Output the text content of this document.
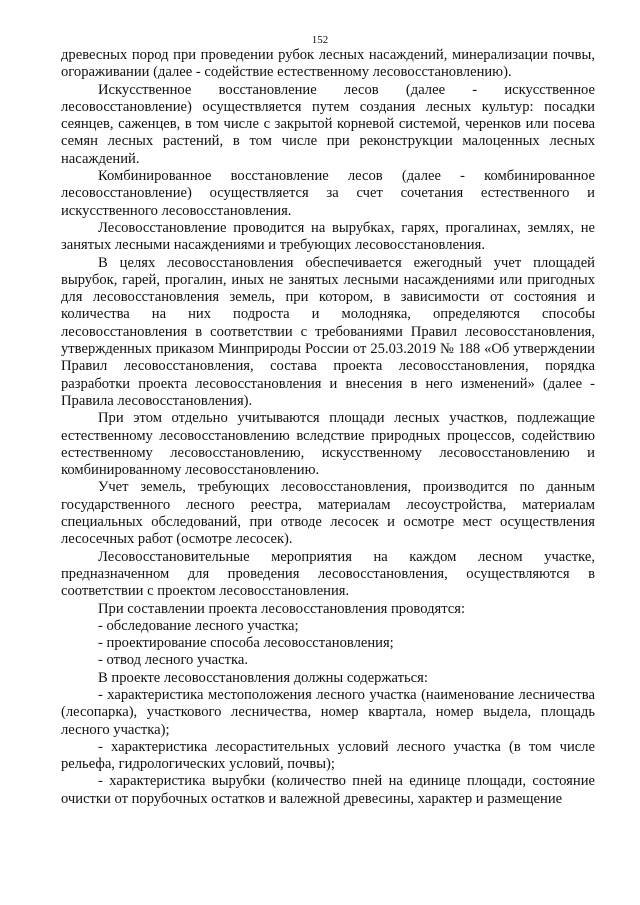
152

древесных пород при проведении рубок лесных насаждений, минерализации почвы, огораживании (далее - содействие естественному лесовосстановлению).

Искусственное восстановление лесов (далее - искусственное лесовосстановление) осуществляется путем создания лесных культур: посадки сеянцев, саженцев, в том числе с закрытой корневой системой, черенков или посева семян лесных растений, в том числе при реконструкции малоценных лесных насаждений.

Комбинированное восстановление лесов (далее - комбинированное лесовосстановление) осуществляется за счет сочетания естественного и искусственного лесовосстановления.

Лесовосстановление проводится на вырубках, гарях, прогалинах, землях, не занятых лесными насаждениями и требующих лесовосстановления.

В целях лесовосстановления обеспечивается ежегодный учет площадей вырубок, гарей, прогалин, иных не занятых лесными насаждениями или пригодных для лесовосстановления земель, при котором, в зависимости от состояния и количества на них подроста и молодняка, определяются способы лесовосстановления в соответствии с требованиями Правил лесовосстановления, утвержденных приказом Минприроды России от 25.03.2019 № 188 «Об утверждении Правил лесовосстановления, состава проекта лесовосстановления, порядка разработки проекта лесовосстановления и внесения в него изменений» (далее - Правила лесовосстановления).

При этом отдельно учитываются площади лесных участков, подлежащие естественному лесовосстановлению вследствие природных процессов, содействию естественному лесовосстановлению, искусственному лесовосстановлению и комбинированному лесовосстановлению.

Учет земель, требующих лесовосстановления, производится по данным государственного лесного реестра, материалам лесоустройства, материалам специальных обследований, при отводе лесосек и осмотре мест осуществления лесосечных работ (осмотре лесосек).

Лесовосстановительные мероприятия на каждом лесном участке, предназначенном для проведения лесовосстановления, осуществляются в соответствии с проектом лесовосстановления.

При составлении проекта лесовосстановления проводятся:

- обследование лесного участка;

- проектирование способа лесовосстановления;

- отвод лесного участка.

В проекте лесовосстановления должны содержаться:

- характеристика местоположения лесного участка (наименование лесничества (лесопарка), участкового лесничества, номер квартала, номер выдела, площадь лесного участка);

- характеристика лесорастительных условий лесного участка (в том числе рельефа, гидрологических условий, почвы);

- характеристика вырубки (количество пней на единице площади, состояние очистки от порубочных остатков и валежной древесины, характер и размещение
